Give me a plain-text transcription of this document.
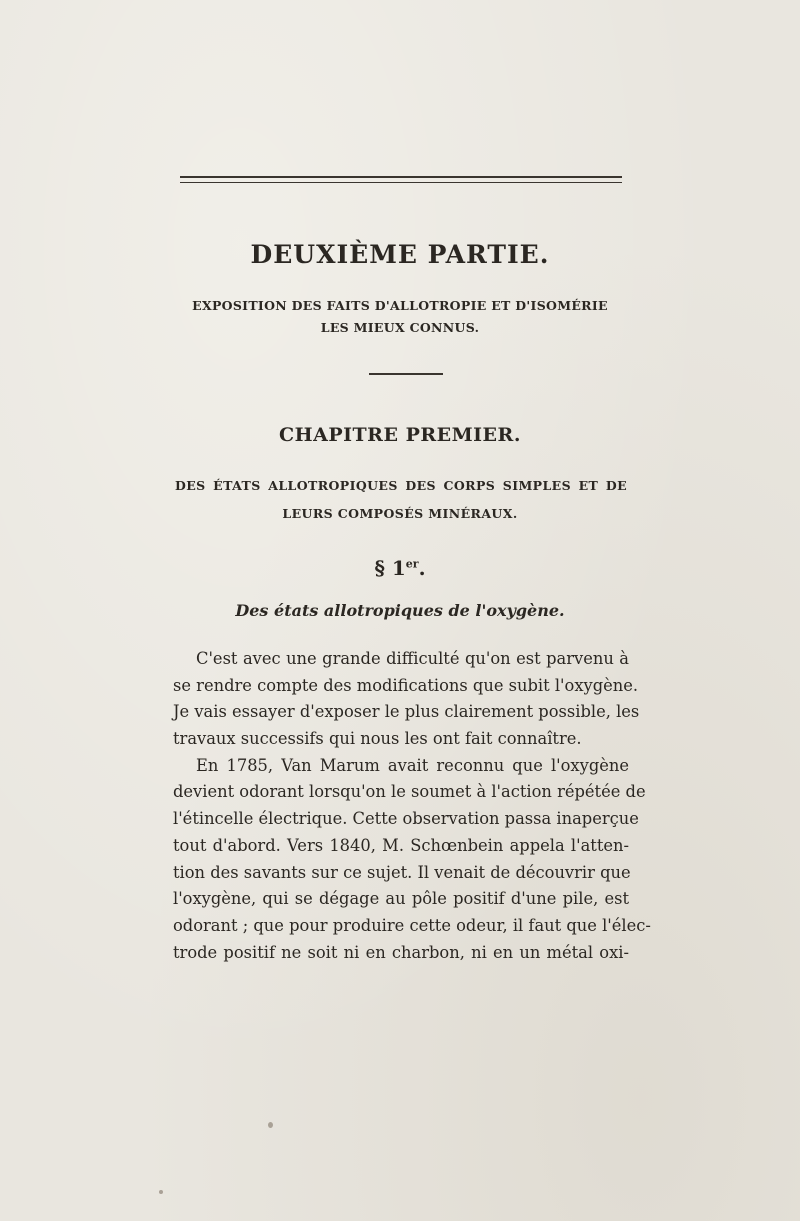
DEUXIÈME PARTIE.
EXPOSITION DES FAITS D'ALLOTROPIE ET D'ISOMÉRIE
LES MIEUX CONNUS.
CHAPITRE PREMIER.
DES ÉTATS ALLOTROPIQUES DES CORPS SIMPLES ET DE
LEURS COMPOSÉS MINÉRAUX.
§ 1er.
Des états allotropiques de l'oxygène.
C'est avec une grande difficulté qu'on est parvenu à
se rendre compte des modifications que subit l'oxygène.
Je vais essayer d'exposer le plus clairement possible, les
travaux successifs qui nous les ont fait connaître.
En 1785, Van Marum avait reconnu que l'oxygène
devient odorant lorsqu'on le soumet à l'action répétée de
l'étincelle électrique. Cette observation passa inaperçue
tout d'abord. Vers 1840, M. Schœnbein appela l'atten-
tion des savants sur ce sujet. Il venait de découvrir que
l'oxygène, qui se dégage au pôle positif d'une pile, est
odorant ; que pour produire cette odeur, il faut que l'élec-
trode positif ne soit ni en charbon, ni en un métal oxi-
